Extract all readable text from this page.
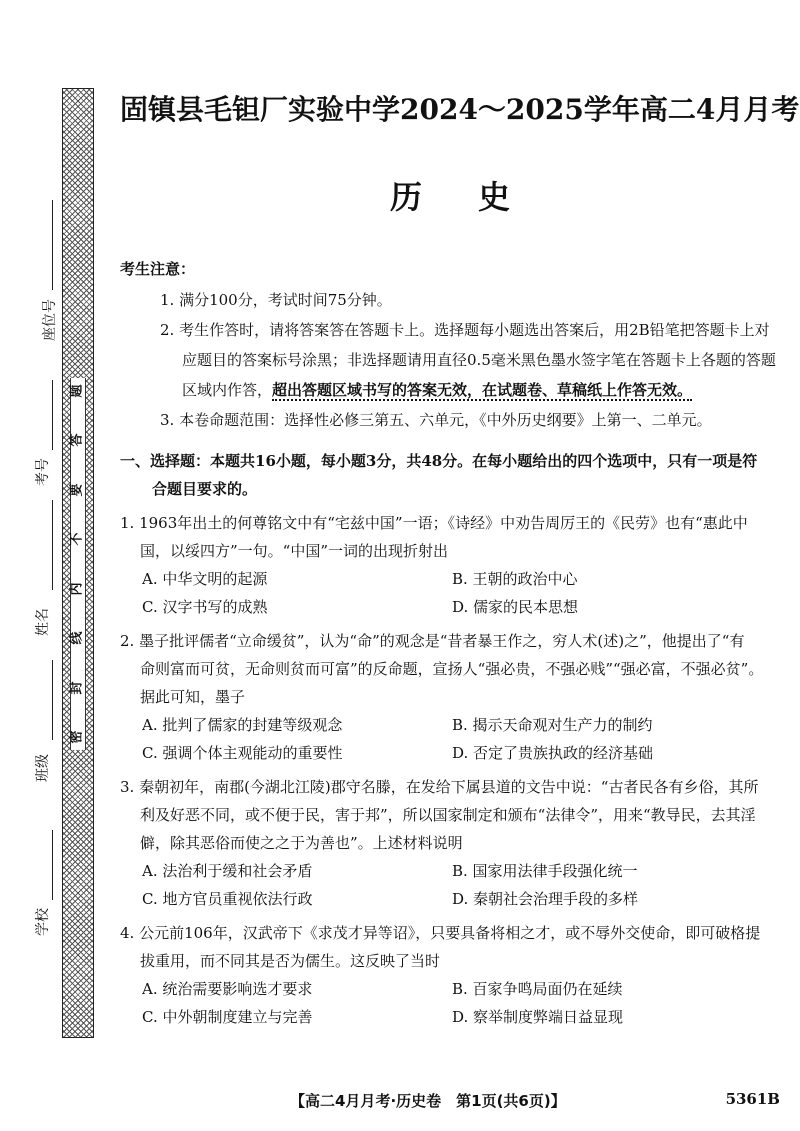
密
封
线
内
不
要
答
题
座位号
考号
姓名
班级
学校
固镇县毛钽厂实验中学2024～2025学年高二4月月考
历史
考生注意：
1. 满分100分，考试时间75分钟。
2. 考生作答时，请将答案答在答题卡上。选择题每小题选出答案后，用2B铅笔把答题卡上对
应题目的答案标号涂黑；非选择题请用直径0.5毫米黑色墨水签字笔在答题卡上各题的答题
区域内作答，超出答题区域书写的答案无效，在试题卷、草稿纸上作答无效。
3. 本卷命题范围：选择性必修三第五、六单元，《中外历史纲要》上第一、二单元。
一、选择题：本题共16小题，每小题3分，共48分。在每小题给出的四个选项中，只有一项是符
合题目要求的。
1. 1963年出土的何尊铭文中有“宅兹中国”一语；《诗经》中劝告周厉王的《民劳》也有“惠此中
国，以绥四方”一句。“中国”一词的出现折射出
A. 中华文明的起源	B. 王朝的政治中心
C. 汉字书写的成熟	D. 儒家的民本思想
2. 墨子批评儒者“立命缓贫”，认为“命”的观念是“昔者暴王作之，穷人术(述)之”，他提出了“有
命则富而可贫，无命则贫而可富”的反命题，宣扬人“强必贵，不强必贱”“强必富，不强必贫”。
据此可知，墨子
A. 批判了儒家的封建等级观念	B. 揭示天命观对生产力的制约
C. 强调个体主观能动的重要性	D. 否定了贵族执政的经济基础
3. 秦朝初年，南郡(今湖北江陵)郡守名滕，在发给下属县道的文告中说：“古者民各有乡俗，其所
利及好恶不同，或不便于民，害于邦”，所以国家制定和颁布“法律令”，用来“教导民，去其淫
僻，除其恶俗而使之之于为善也”。上述材料说明
A. 法治利于缓和社会矛盾	B. 国家用法律手段强化统一
C. 地方官员重视依法行政	D. 秦朝社会治理手段的多样
4. 公元前106年，汉武帝下《求茂才异等诏》，只要具备将相之才，或不辱外交使命，即可破格提
拔重用，而不同其是否为儒生。这反映了当时
A. 统治需要影响选才要求	B. 百家争鸣局面仍在延续
C. 中外朝制度建立与完善	D. 察举制度弊端日益显现
【高二4月月考·历史卷　第1页(共6页)】	5361B
